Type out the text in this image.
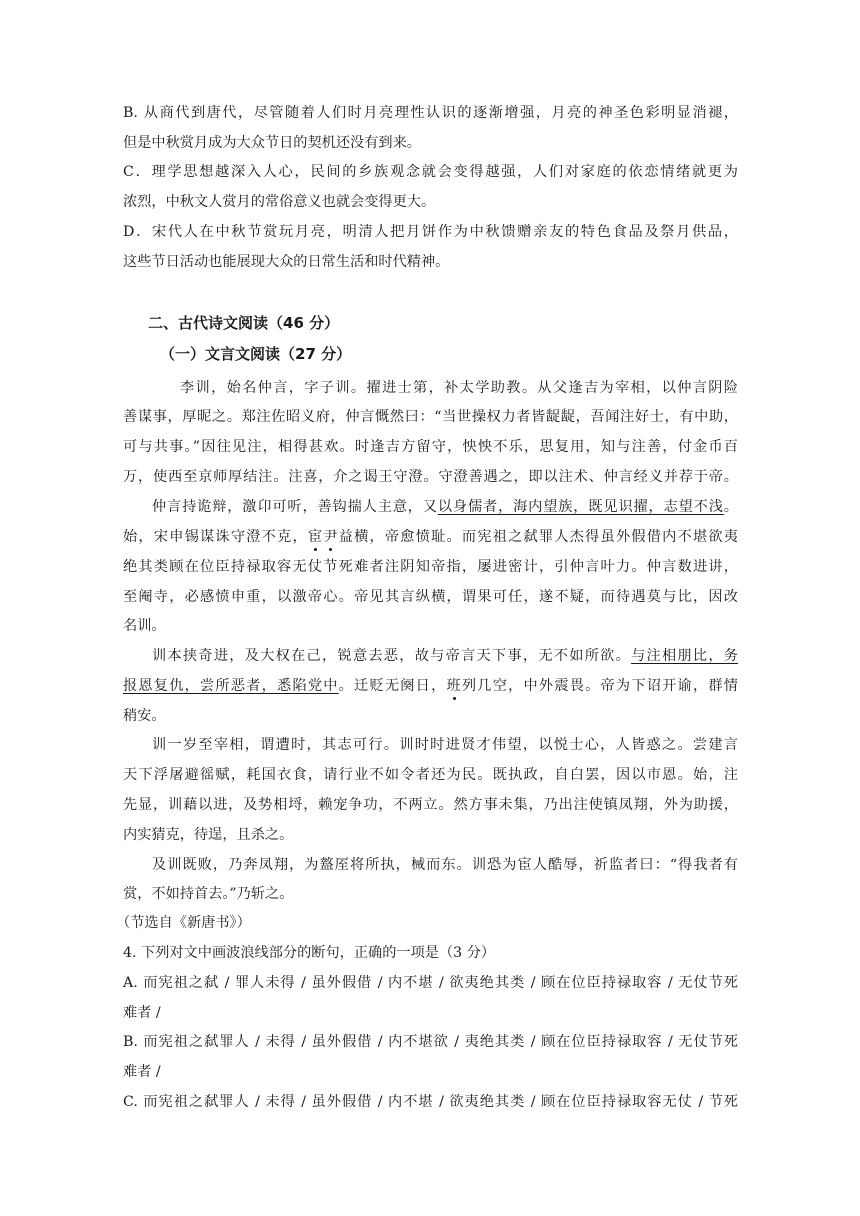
B. 从商代到唐代，尽管随着人们时月亮理性认识的逐渐增强，月亮的神圣色彩明显消褪，
但是中秋赏月成为大众节日的契机还没有到来。
C．理学思想越深入人心，民间的乡族观念就会变得越强，人们对家庭的依恋情绪就更为
浓烈，中秋文人赏月的常俗意义也就会变得更大。
D．宋代人在中秋节赏玩月亮，明清人把月饼作为中秋馈赠亲友的特色食品及祭月供品，
这些节日活动也能展现大众的日常生活和时代精神。
二、古代诗文阅读（46 分）
（一）文言文阅读（27 分）
李训，始名仲言，字子训。擢进士第，补太学助教。从父逢吉为宰相，以仲言阴险
善谋事，厚昵之。郑注佐昭义府，仲言慨然曰：“当世操权力者皆龊龊，吾闻注好士，有中助，
可与共事。”因往见注，相得甚欢。时逢吉方留守，怏怏不乐，思复用，知与注善，付金币百
万，使西至京师厚结注。注喜，介之谒王守澄。守澄善遇之，即以注术、仲言经义并荐于帝。
仲言持诡辩，激卬可听，善钩揣人主意，又以身儒者，海内望族，既见识擢，志望不浅。
始，宋申锡谋诛守澄不克，宦尹益横，帝愈愤耻。而宪祖之弑罪人杰得虽外假借内不堪欲夷
绝其类顾在位臣持禄取容无仗节死难者注阴知帝指，屡进密计，引仲言叶力。仲言数进讲，
至阉寺，必感愤申重，以激帝心。帝见其言纵横，谓果可任，遂不疑，而待遇莫与比，因改
名训。
训本挟奇进，及大权在己，锐意去恶，故与帝言天下事，无不如所欲。与注相朋比，务
报恩复仇，尝所恶者，悉陷党中。迁贬无阕日，班列几空，中外震畏。帝为下诏开谕，群情
稍安。
训一岁至宰相，谓遭时，其志可行。训时时进贤才伟望，以悦士心，人皆惑之。尝建言
天下浮屠避徭赋，耗国衣食，请行业不如令者还为民。既执政，自白罢，因以市恩。始，注
先显，训藉以进，及势相埒，赖宠争功，不两立。然方事未集，乃出注使镇凤翔，外为助援，
内实猜克，待逞，且杀之。
及训既败，乃奔凤翔，为盩厔将所执，械而东。训恐为宦人酷辱，祈监者曰：“得我者有
赏，不如持首去。”乃斩之。
（节选自《新唐书》）
4. 下列对文中画波浪线部分的断句，正确的一项是（3 分）
A. 而宪祖之弑 / 罪人未得 / 虽外假借 / 内不堪 / 欲夷绝其类 / 顾在位臣持禄取容 / 无仗节死
难者 /
B. 而宪祖之弑罪人 / 未得 / 虽外假借 / 内不堪欲 / 夷绝其类 / 顾在位臣持禄取容 / 无仗节死
难者 /
C. 而宪祖之弑罪人 / 未得 / 虽外假借 / 内不堪 / 欲夷绝其类 / 顾在位臣持禄取容无仗 / 节死
